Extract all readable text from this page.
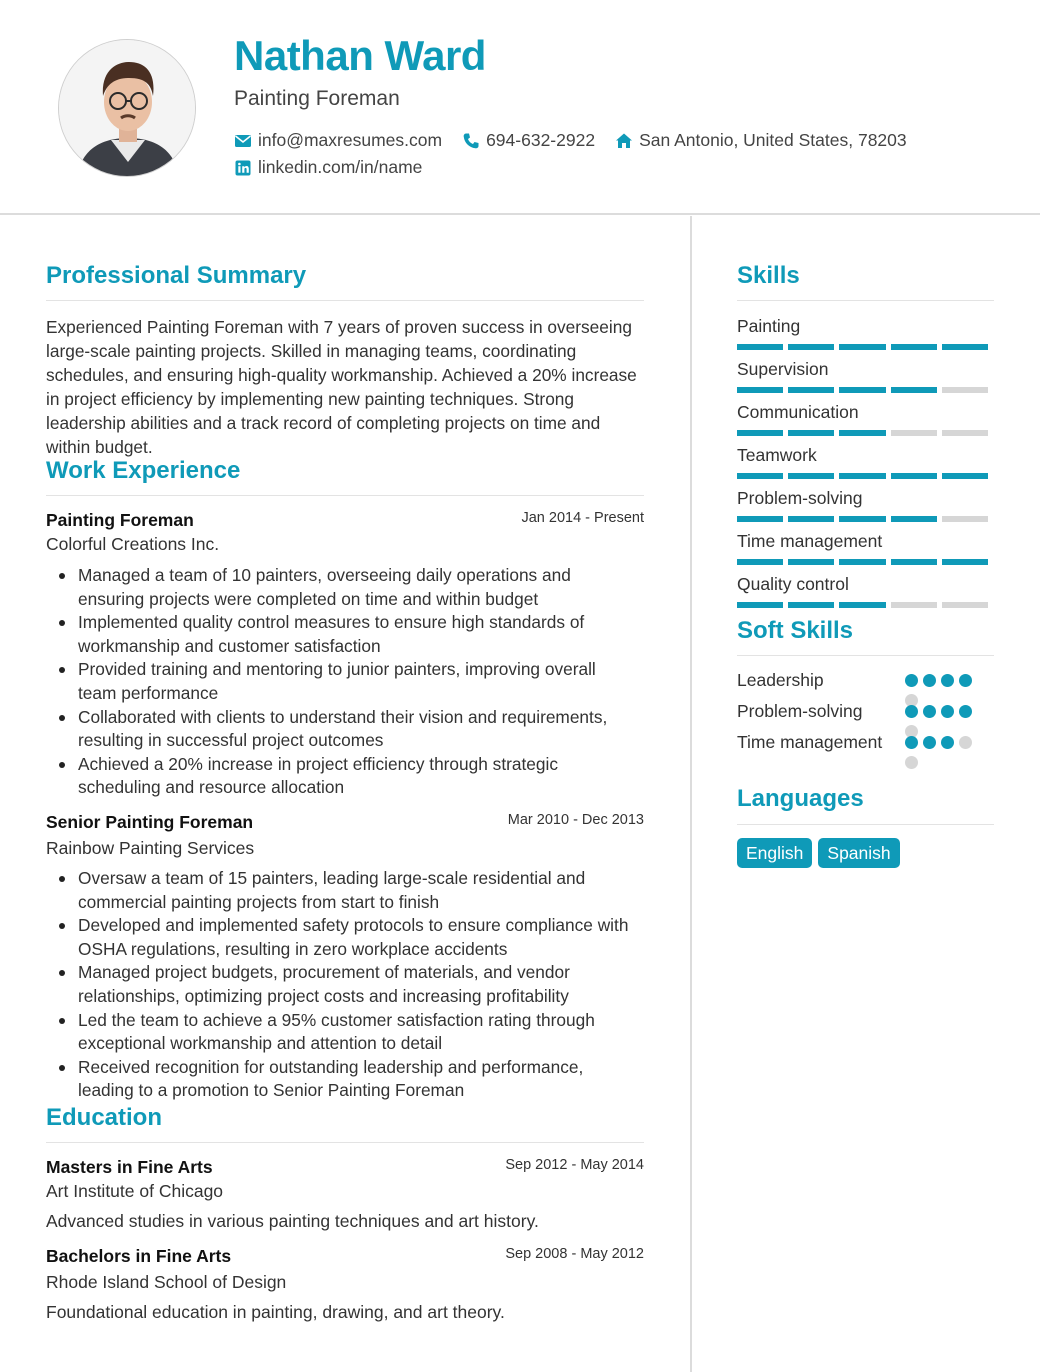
Nathan Ward
Painting Foreman
info@maxresumes.com	694-632-2922	San Antonio, United States, 78203
linkedin.com/in/name
Professional Summary
Experienced Painting Foreman with 7 years of proven success in overseeing large-scale painting projects. Skilled in managing teams, coordinating schedules, and ensuring high-quality workmanship. Achieved a 20% increase in project efficiency by implementing new painting techniques. Strong leadership abilities and a track record of completing projects on time and within budget.
Work Experience
Painting Foreman	Jan 2014 - Present
Colorful Creations Inc.
Managed a team of 10 painters, overseeing daily operations and ensuring projects were completed on time and within budget
Implemented quality control measures to ensure high standards of workmanship and customer satisfaction
Provided training and mentoring to junior painters, improving overall team performance
Collaborated with clients to understand their vision and requirements, resulting in successful project outcomes
Achieved a 20% increase in project efficiency through strategic scheduling and resource allocation
Senior Painting Foreman	Mar 2010 - Dec 2013
Rainbow Painting Services
Oversaw a team of 15 painters, leading large-scale residential and commercial painting projects from start to finish
Developed and implemented safety protocols to ensure compliance with OSHA regulations, resulting in zero workplace accidents
Managed project budgets, procurement of materials, and vendor relationships, optimizing project costs and increasing profitability
Led the team to achieve a 95% customer satisfaction rating through exceptional workmanship and attention to detail
Received recognition for outstanding leadership and performance, leading to a promotion to Senior Painting Foreman
Education
Masters in Fine Arts	Sep 2012 - May 2014
Art Institute of Chicago
Advanced studies in various painting techniques and art history.
Bachelors in Fine Arts	Sep 2008 - May 2012
Rhode Island School of Design
Foundational education in painting, drawing, and art theory.
Skills
Painting
Supervision
Communication
Teamwork
Problem-solving
Time management
Quality control
Soft Skills
Leadership
Problem-solving
Time management
Languages
English	Spanish
